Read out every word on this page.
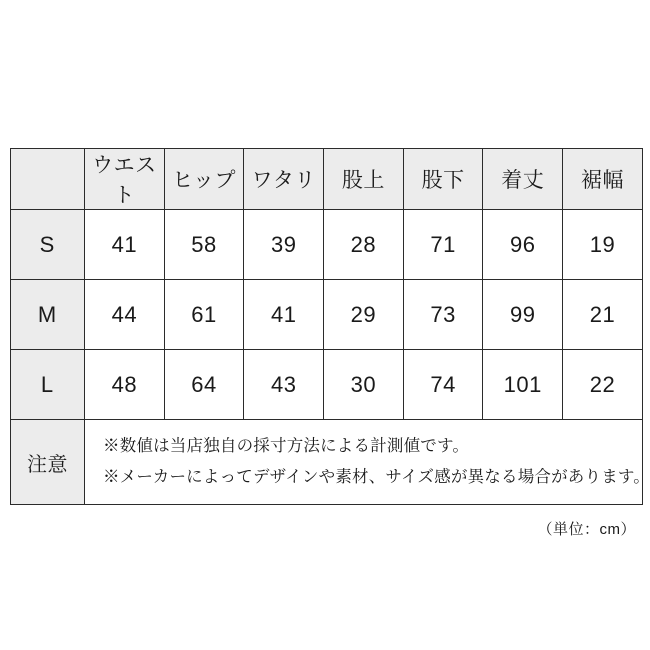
	ウエスト	ヒップ	ワタリ	股上	股下	着丈	裾幅
S	41	58	39	28	71	96	19
M	44	61	41	29	73	99	21
L	48	64	43	30	74	101	22
注意	※数値は当店独自の採寸方法による計測値です。
※メーカーによってデザインや素材、サイズ感が異なる場合があります。						
（単位：cm）
